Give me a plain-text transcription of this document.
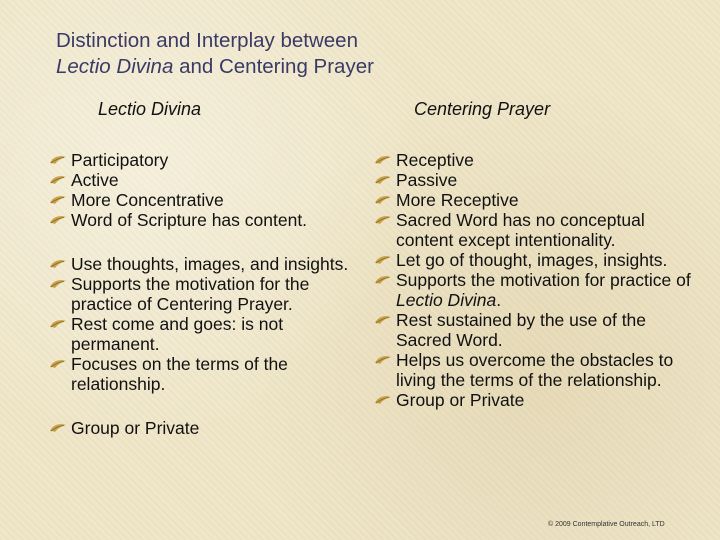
Distinction and Interplay between
Lectio Divina and Centering Prayer
Lectio Divina	Centering Prayer
Participatory
Active
More Concentrative
Word of Scripture has content.
Use thoughts, images, and insights.
Supports the motivation for the practice of Centering Prayer.
Rest come and goes: is not permanent.
Focuses on the terms of the relationship.
Group or Private
Receptive
Passive
More Receptive
Sacred Word has no conceptual content except intentionality.
Let go of thought, images, insights.
Supports the motivation for practice of Lectio Divina.
Rest sustained by the use of the Sacred Word.
Helps us overcome the obstacles to living the terms of the relationship.
Group or Private
© 2009 Contemplative Outreach, LTD
